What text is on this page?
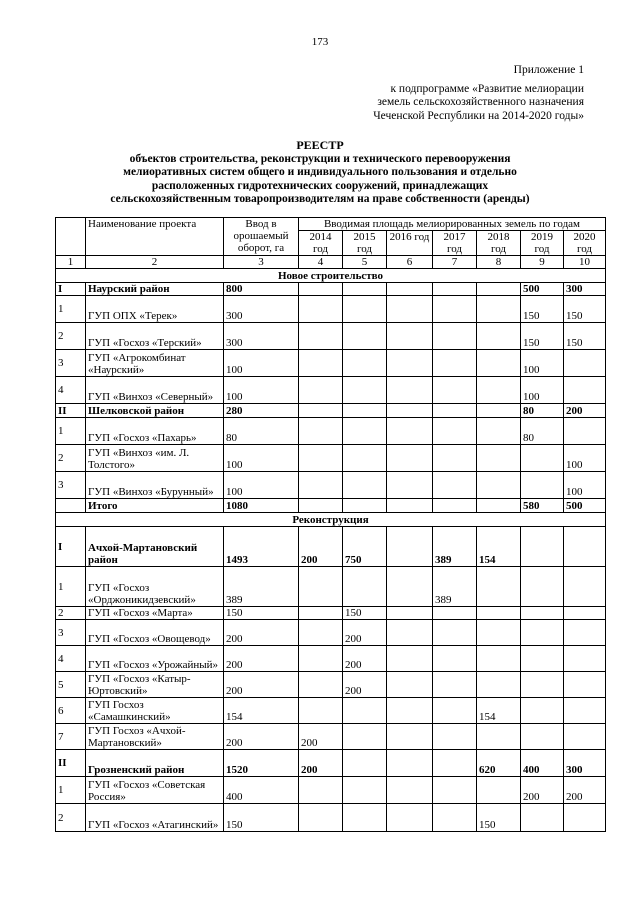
173
Приложение 1
к подпрограмме «Развитие мелиорации
земель сельскохозяйственного назначения
Чеченской Республики на 2014-2020 годы»
РЕЕСТР
объектов строительства, реконструкции и технического перевооружения
мелиоративных систем общего и индивидуального пользования и отдельно
расположенных гидротехнических сооружений, принадлежащих
сельскохозяйственным товаропроизводителям на праве собственности (аренды)
	Наименование проекта	Ввод в орошаемый оборот, га	Вводимая площадь мелиорированных земель по годам						
			2014 год	2015 год	2016 год	2017 год	2018 год	2019 год	2020 год
1	2	3	4	5	6	7	8	9	10
Новое строительство									
I	Наурский район	800						500	300
1	ГУП ОПХ «Терек»	300						150	150
2	ГУП «Госхоз «Терский»	300						150	150
3	ГУП «Агрокомбинат «Наурский»	100						100	
4	ГУП «Винхоз «Северный»	100						100	
II	Шелковской район	280						80	200
1	ГУП «Госхоз «Пахарь»	80						80	
2	ГУП «Винхоз «им. Л. Толстого»	100							100
3	ГУП «Винхоз «Бурунный»	100							100
	Итого	1080						580	500
Реконструкция									
I	Ачхой-Мартановский район	1493	200	750		389	154		
1	ГУП «Госхоз «Орджоникидзевский»	389				389			
2	ГУП «Госхоз «Марта»	150		150					
3	ГУП «Госхоз «Овощевод»	200		200					
4	ГУП «Госхоз «Урожайный»	200		200					
5	ГУП «Госхоз «Катыр-Юртовский»	200		200					
6	ГУП Госхоз «Самашкинский»	154					154		
7	ГУП Госхоз «Ачхой-Мартановский»	200	200						
II	Грозненский район	1520	200				620	400	300
1	ГУП «Госхоз «Советская Россия»	400						200	200
2	ГУП «Госхоз «Атагинский»	150					150		
